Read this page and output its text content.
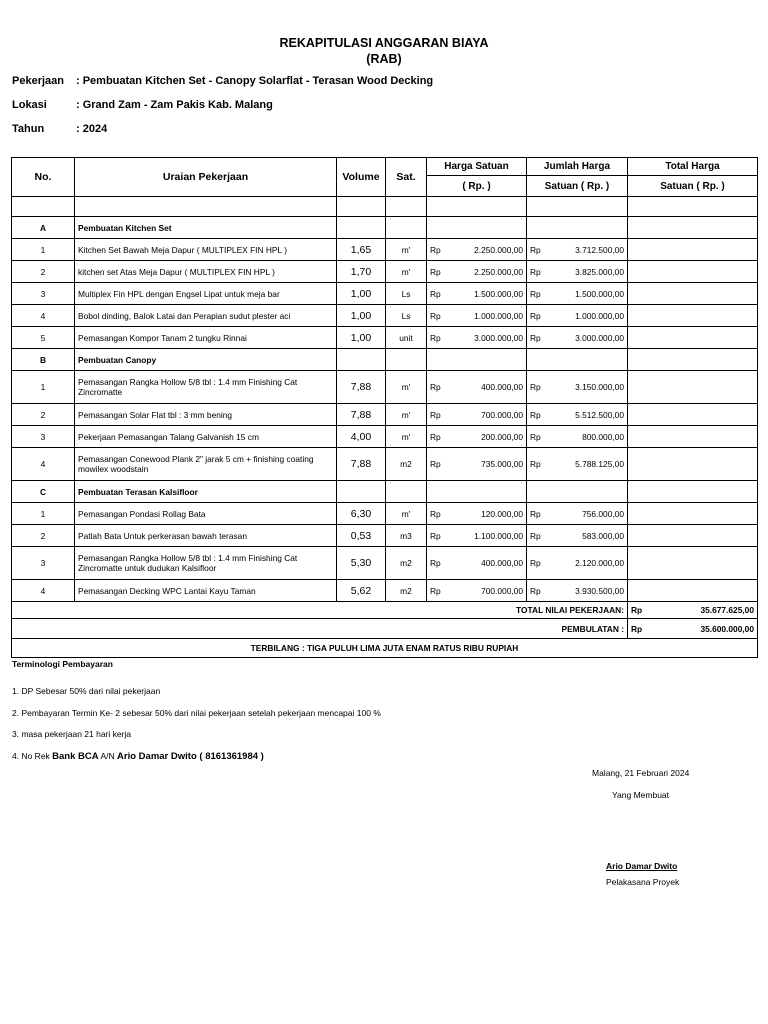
REKAPITULASI ANGGARAN BIAYA
(RAB)
Pekerjaan : Pembuatan Kitchen Set - Canopy Solarflat - Terasan Wood Decking
Lokasi	: Grand Zam - Zam Pakis Kab. Malang
Tahun	: 2024
No.	Uraian Pekerjaan	Volume	Sat.	Harga Satuan	Jumlah Harga	Total Harga
				( Rp. )	Satuan ( Rp. )	Satuan ( Rp. )

A	Pembuatan Kitchen Set					
1	Kitchen Set Bawah Meja Dapur ( MULTIPLEX FIN HPL )	1,65	m'	Rp 2.250.000,00	Rp 3.712.500,00	

2	kitchen set Atas Meja Dapur ( MULTIPLEX FIN HPL )	1,70	m'	Rp 2.250.000,00	Rp 3.825.000,00	

3	Multiplex Fin HPL dengan Engsel Lipat untuk meja bar	1,00	Ls	Rp 1.500.000,00	Rp 1.500.000,00	

4	Bobol dinding, Balok Latai dan Perapian sudut plester aci	1,00	Ls	Rp 1.000.000,00	Rp 1.000.000,00	

5	Pemasangan Kompor Tanam 2 tungku Rinnai	1,00	unit	Rp 3.000.000,00	Rp 3.000.000,00	

B	Pembuatan Canopy					
1	Pemasangan Rangka Hollow 5/8 tbl : 1.4 mm Finishing Cat Zincromatte	7,88	m'	Rp 400.000,00	Rp 3.150.000,00	

2	Pemasangan Solar Flat tbl : 3 mm bening	7,88	m'	Rp 700.000,00	Rp 5.512.500,00	

3	Pekerjaan Pemasangan Talang Galvanish 15 cm	4,00	m'	Rp 200.000,00	Rp 800.000,00	

4	Pemasangan Conewood Plank 2" jarak 5 cm + finishing coating mowilex woodstain	7,88	m2	Rp 735.000,00	Rp 5.788.125,00	

C	Pembuatan Terasan Kalsifloor					
1	Pemasangan Pondasi Rollag Bata	6,30	m'	Rp 120.000,00	Rp 756.000,00	

2	Patlah Bata Untuk perkerasan bawah terasan	0,53	m3	Rp 1.100.000,00	Rp 583.000,00	

3	Pemasangan Rangka Hollow 5/8 tbl : 1.4 mm Finishing Cat Zincromatte untuk dudukan Kalsifloor	5,30	m2	Rp 400.000,00	Rp 2.120.000,00	

4	Pemasangan Decking WPC Lantai Kayu Taman	5,62	m2	Rp 700.000,00	Rp 3.930.500,00	

TOTAL NILAI PEKERJAAN:						Rp 35.677.625,00

PEMBULATAN :						Rp 35.600.000,00

TERBILANG : TIGA PULUH LIMA JUTA ENAM RATUS RIBU RUPIAH						
Terminologi Pembayaran
1. DP Sebesar 50% dari nilai pekerjaan
2. Pembayaran Termin Ke- 2 sebesar 50% dari nilai pekerjaan setelah pekerjaan mencapai 100 %
3. masa pekerjaan 21 hari kerja
4. No Rek Bank BCA A/N Ario Damar Dwito ( 8161361984 )
Malang, 21 Februari 2024
Yang Membuat
Ario Damar Dwito
Pelakasana Proyek
